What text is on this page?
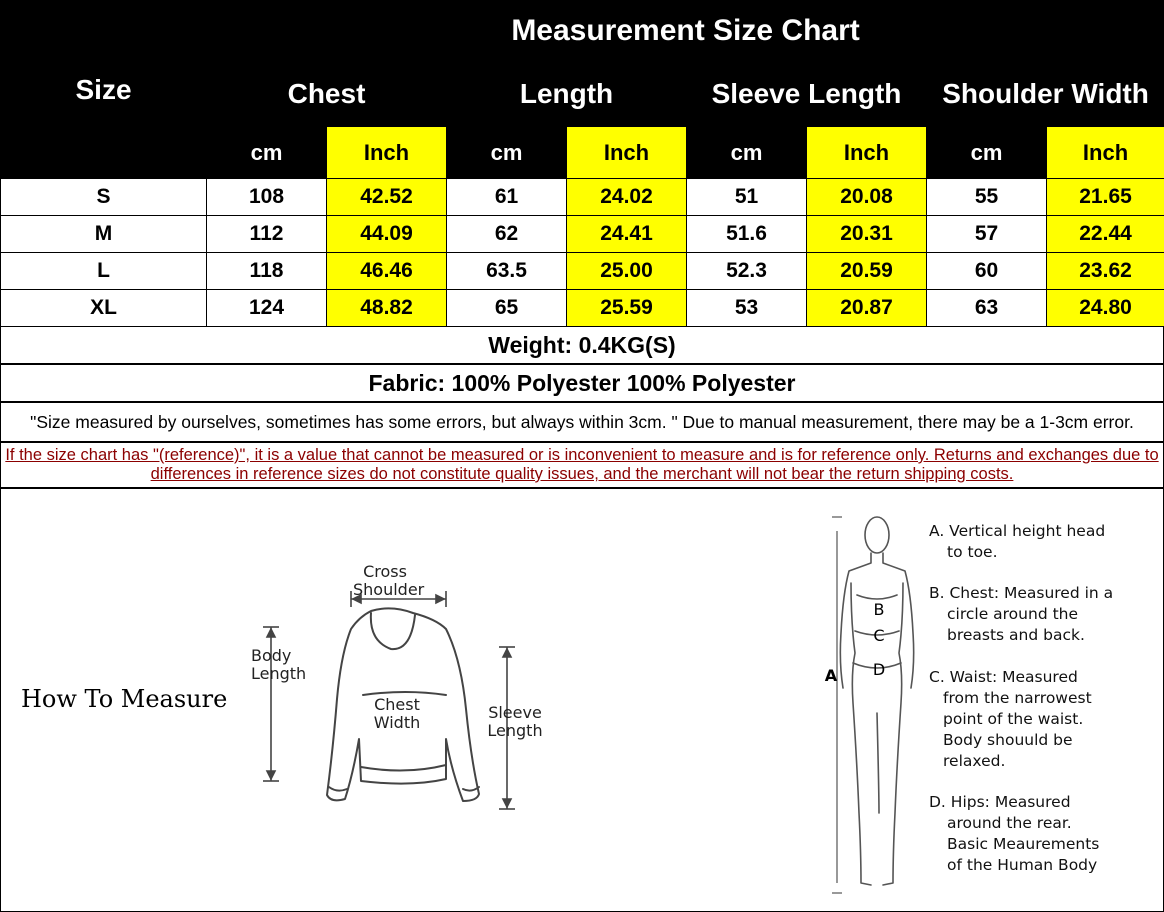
Size	Measurement Size Chart							
	Chest		Length		Sleeve Length		Shoulder Width	
	cm	Inch	cm	Inch	cm	Inch	cm	Inch
S	108	42.52	61	24.02	51	20.08	55	21.65
M	112	44.09	62	24.41	51.6	20.31	57	22.44
L	118	46.46	63.5	25.00	52.3	20.59	60	23.62
XL	124	48.82	65	25.59	53	20.87	63	24.80
Weight: 0.4KG(S)
Fabric: 100% Polyester 100% Polyester
"Size measured by ourselves, sometimes has some errors, but always within 3cm. " Due to manual measurement, there may be a 1-3cm error.
If the size chart has "(reference)", it is a value that cannot be measured or is inconvenient to measure and is for reference only. Returns and exchanges due to differences in reference sizes do not constitute quality issues, and the merchant will not bear the return shipping costs.
How To Measure
Cross
Shoulder
Body
Length
Chest
Width
Sleeve
Length
A
B
C
D
A. Vertical height head
to toe.
B. Chest: Measured in a
circle around the
breasts and back.
C. Waist: Measured
from the narrowest
point of the waist.
Body shouuld be
relaxed.
D. Hips: Measured
around the rear.
Basic Meaurements
of the Human Body
